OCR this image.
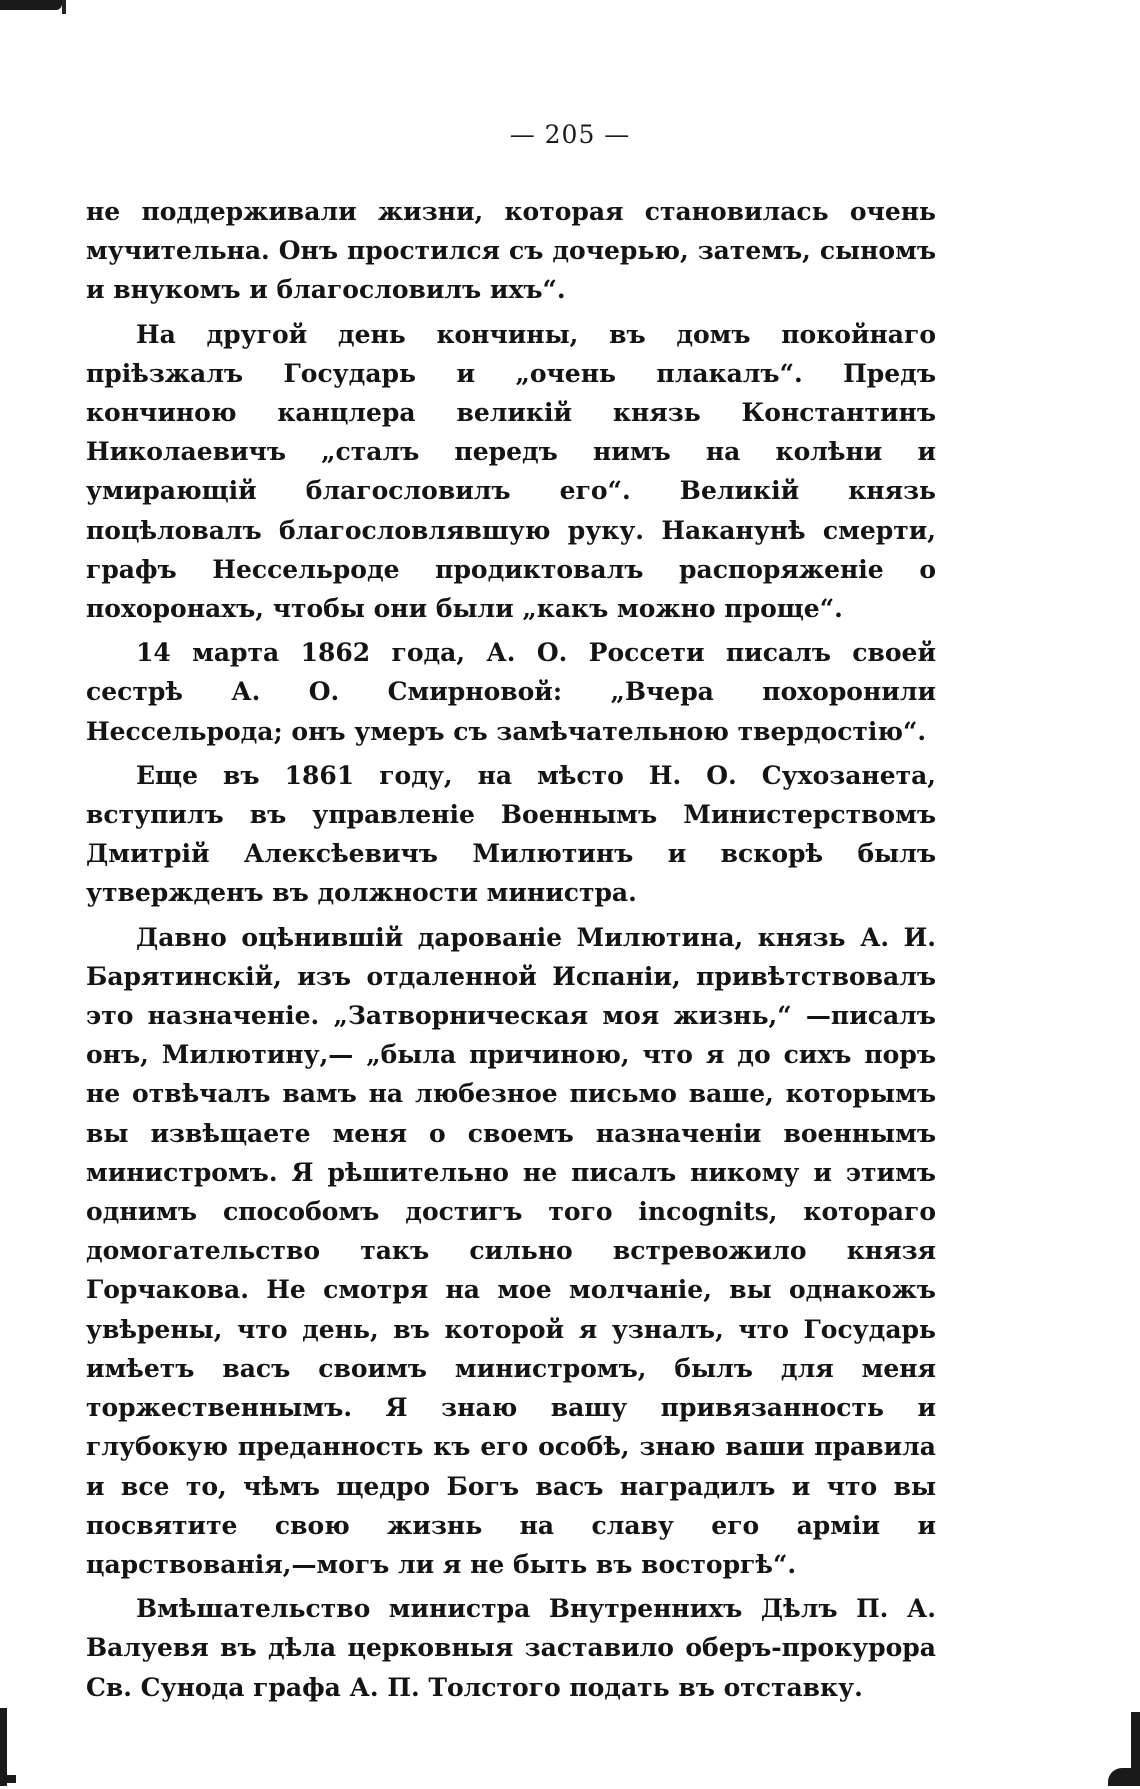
— 205 —

не поддерживали жизни, которая становилась очень мучительна. Онъ простился съ дочерью, затемъ, сыномъ и внукомъ и благословилъ ихъ“.

На другой день кончины, въ домъ покойнаго прiѣзжалъ Государь и „очень плакалъ“. Предъ кончиною канцлера великiй князь Константинъ Николаевичъ „сталъ передъ нимъ на колѣни и умирающiй благословилъ его“. Великiй князь поцѣловалъ благословлявшую руку. Наканунѣ смерти, графъ Нессельроде продиктовалъ распоряженiе о похоронахъ, чтобы они были „какъ можно проще“.

14 марта 1862 года, А. О. Россети писалъ своей сестрѣ А. О. Смирновой: „Вчера похоронили Нессельрода; онъ умеръ съ замѣчательною твердостiю“.

Еще въ 1861 году, на мѣсто Н. О. Сухозанета, вступилъ въ управленiе Военнымъ Министерствомъ Дмитрiй Алексѣевичъ Милютинъ и вскорѣ былъ утвержденъ въ должности министра.

Давно оцѣнившiй дарованiе Милютина, князь А. И. Барятинскiй, изъ отдаленной Испанiи, привѣтствовалъ это назначенiе. „Затворническая моя жизнь,“ —писалъ онъ, Милютину,— „была причиною, что я до сихъ поръ не отвѣчалъ вамъ на любезное письмо ваше, которымъ вы извѣщаете меня о своемъ назначенiи военнымъ министромъ. Я рѣшительно не писалъ никому и этимъ однимъ способомъ достигъ того incognits, котораго домогательство такъ сильно встревожило князя Горчакова. Не смотря на мое молчанiе, вы однакожъ увѣрены, что день, въ которой я узналъ, что Государь имѣетъ васъ своимъ министромъ, былъ для меня торжественнымъ. Я знаю вашу привязанность и глубокую преданность къ его особѣ, знаю ваши правила и все то, чѣмъ щедро Богъ васъ наградилъ и что вы посвятите свою жизнь на славу его армiи и царствованiя,—могъ ли я не быть въ восторгѣ“.

Вмѣшательство министра Внутреннихъ Дѣлъ П. А. Валуевя въ дѣла церковныя заставило оберъ-прокурора Св. Cунода графа А. П. Толстого подать въ отставку.
